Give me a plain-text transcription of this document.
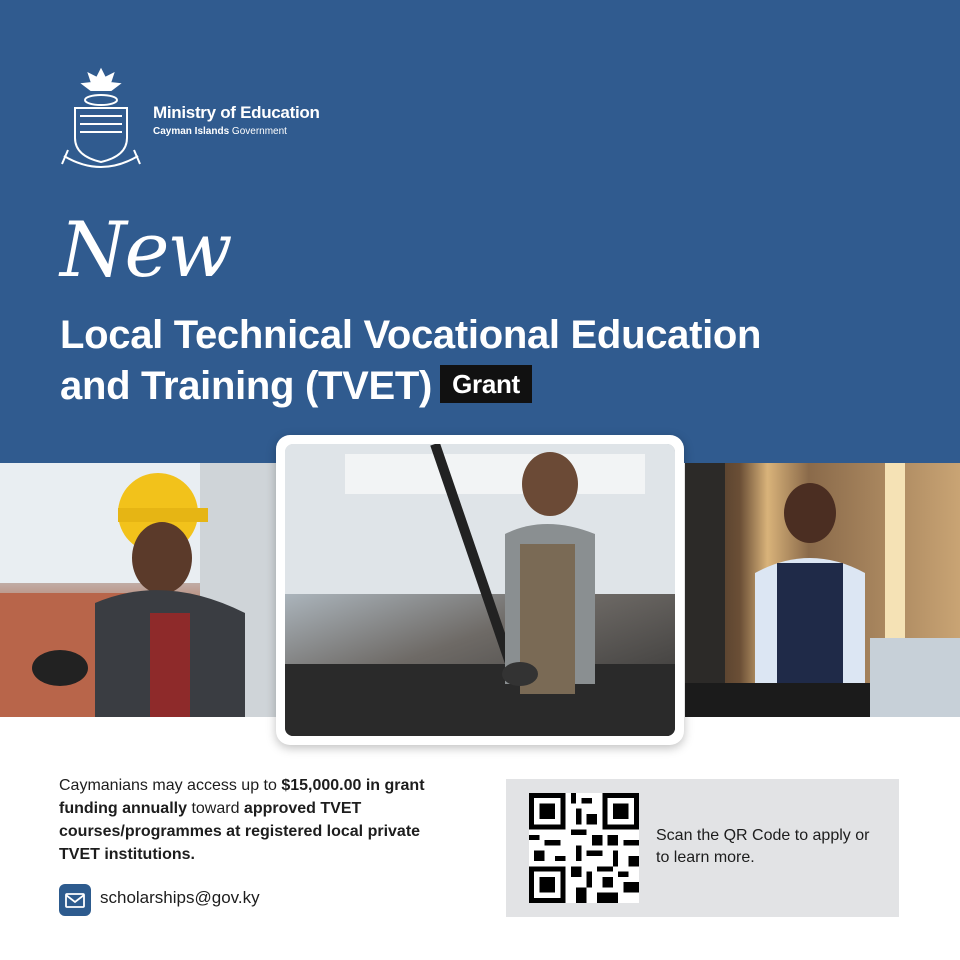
Ministry of Education
Cayman Islands Government
New
Local Technical Vocational Education
and Training (TVET) Grant
Caymanians may access up to $15,000.00 in grant funding annually toward approved TVET courses/programmes at registered local private TVET institutions.
scholarships@gov.ky
Scan the QR Code to apply or to learn more.
